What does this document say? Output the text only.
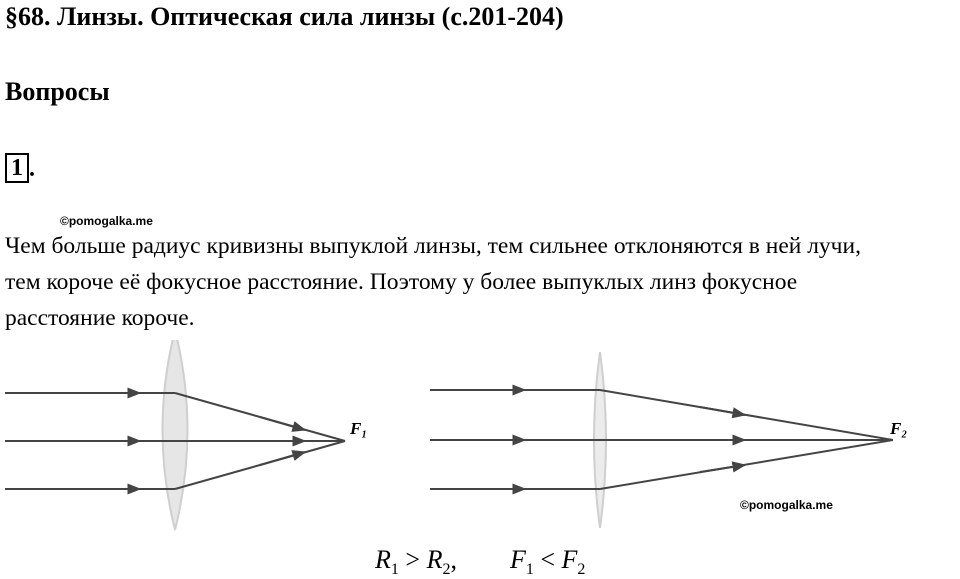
§68. Линзы. Оптическая сила линзы (с.201-204)
Вопросы
1 .
©pomogalka.me
Чем больше радиус кривизны выпуклой линзы, тем сильнее отклоняются в ней лучи,
тем короче её фокусное расстояние. Поэтому у более выпуклых линз фокусное
расстояние короче.
F₁	F₂
©pomogalka.me
$R_1 > R_2$, $F_1 < F_2$
